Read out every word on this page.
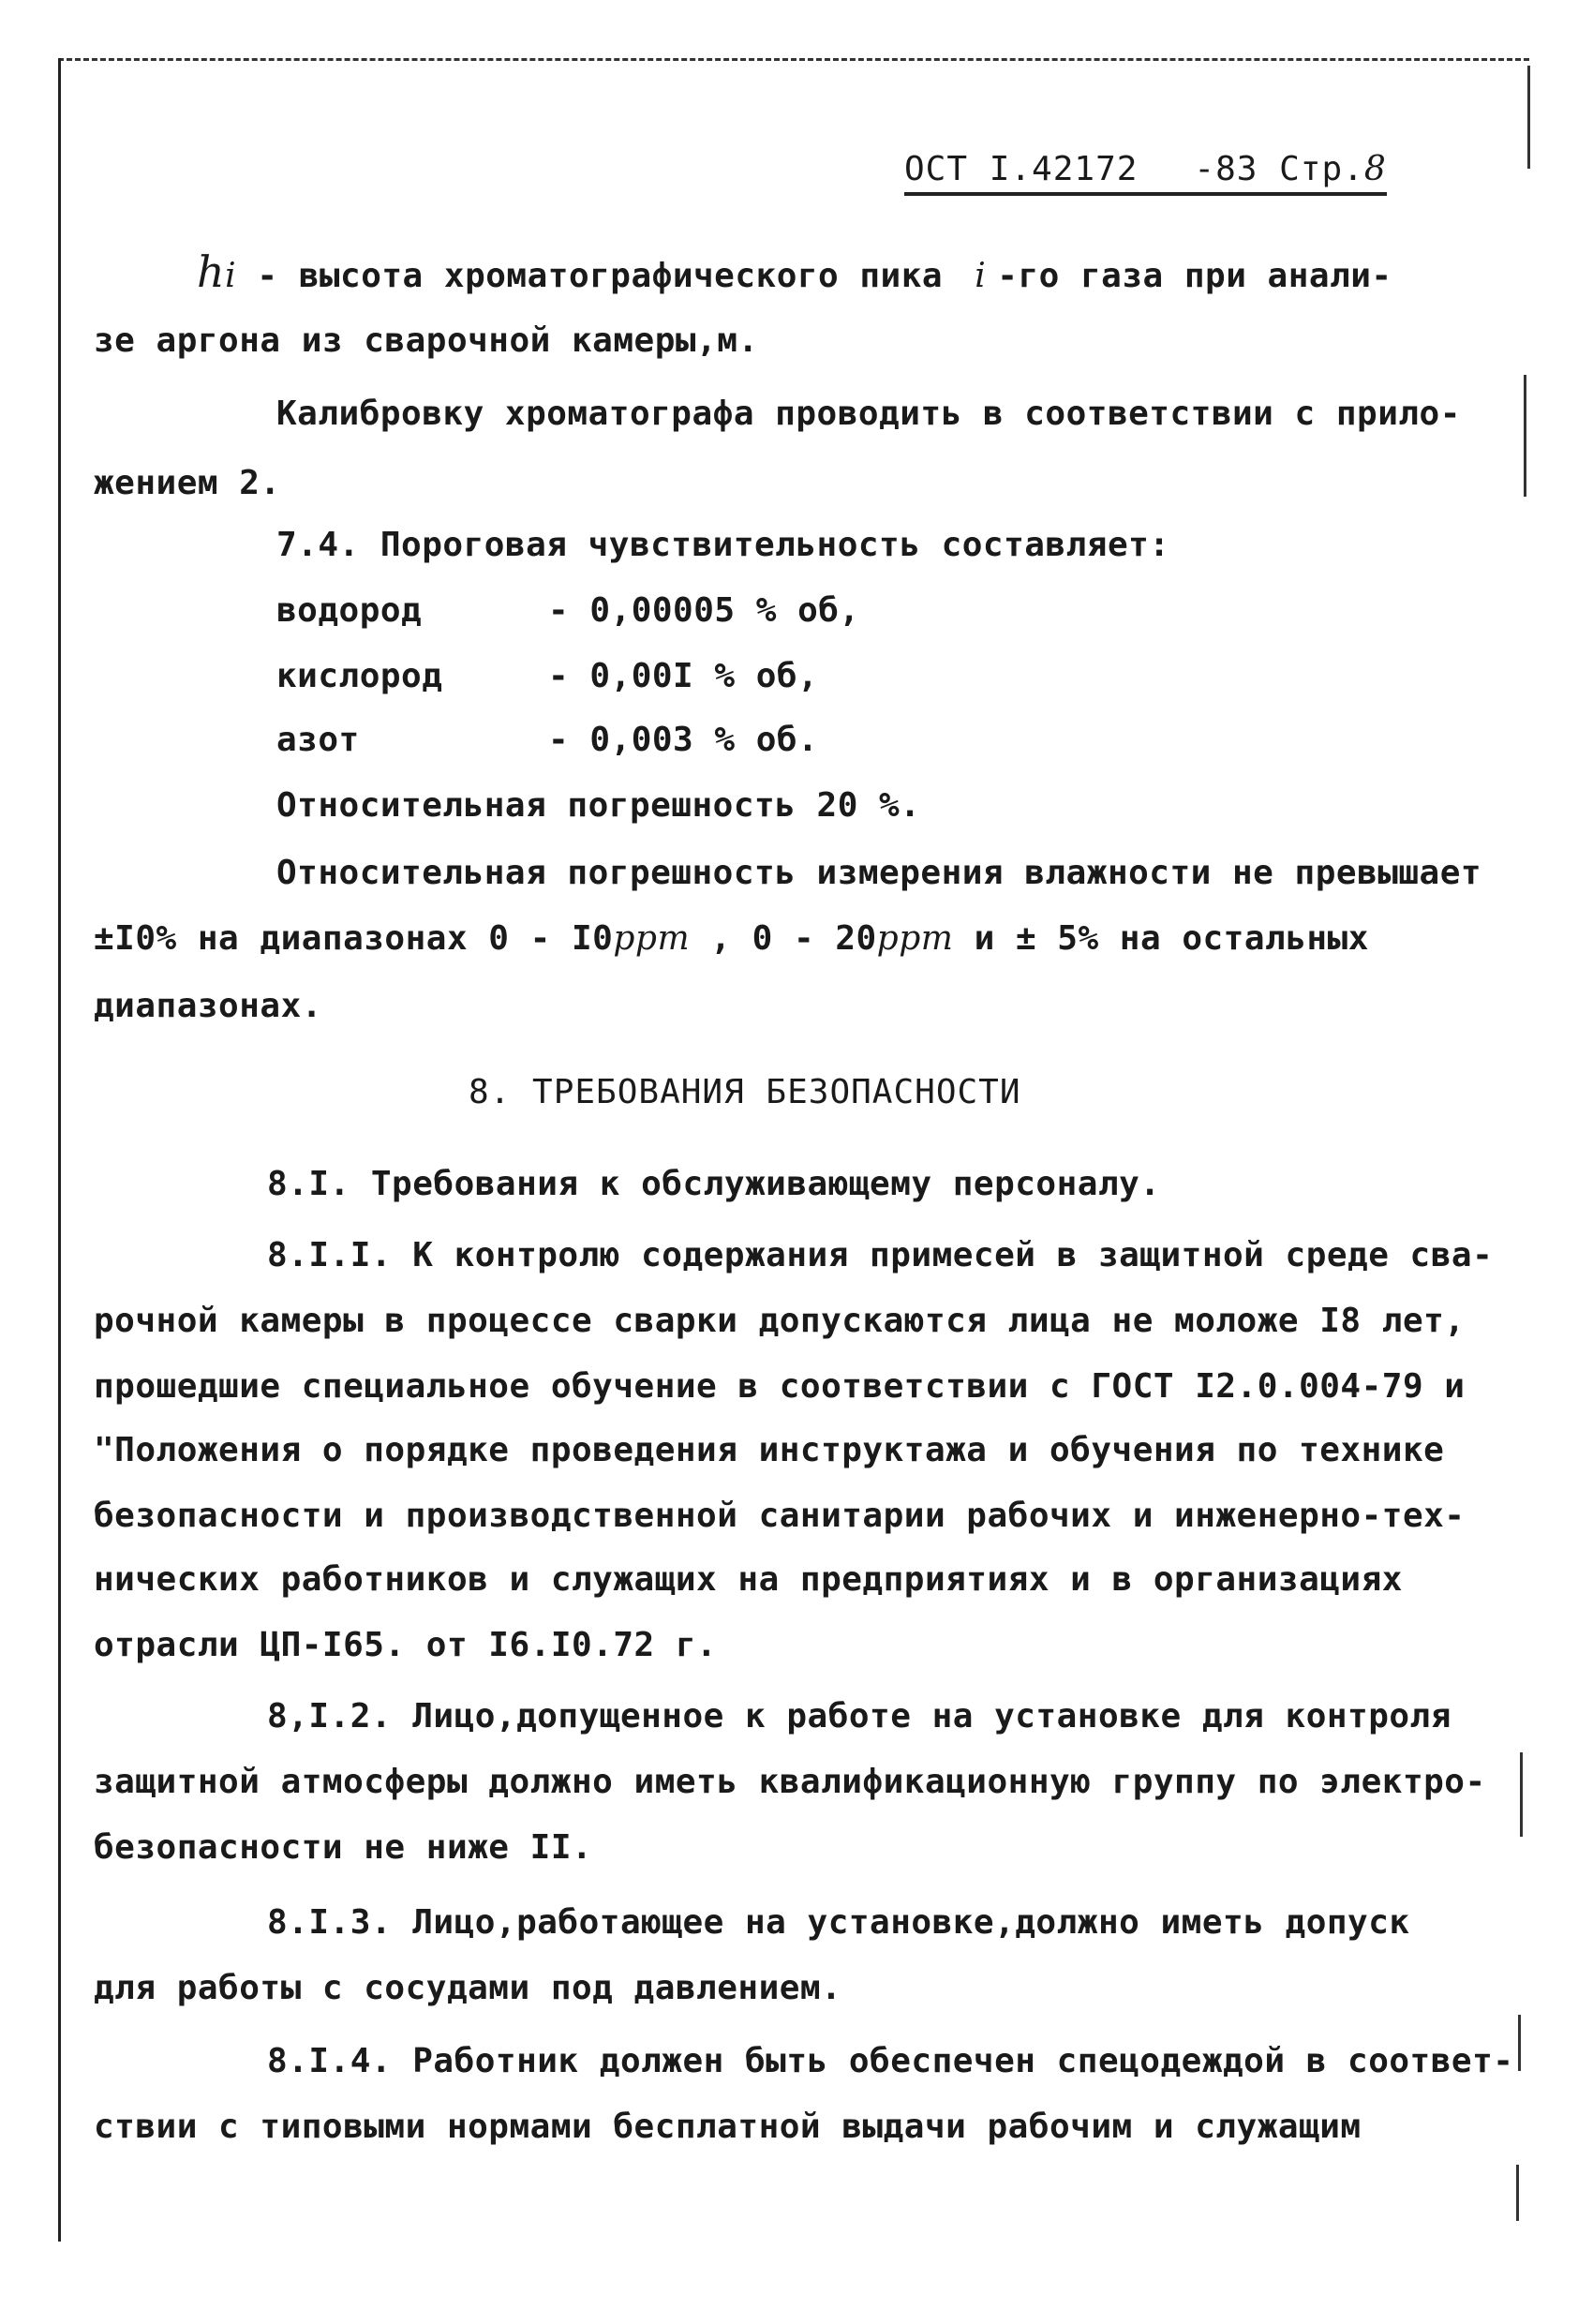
ОСТ I.42172 -83 Стр.8
hi - высота хроматографического пика i -го газа при анали-
зе аргона из сварочной камеры,м.
Калибровку хроматографа проводить в соответствии с прило-
жением 2.
7.4. Пороговая чувствительность составляет:
водород	- 0,00005 % об,
кислород	- 0,00I % об,
азот	- 0,003 % об.
Относительная погрешность 20 %.
Относительная погрешность измерения влажности не превышает
±I0% на диапазонах 0 - I0ppm , 0 - 20ppm и ± 5% на остальных
диапазонах.
8. ТРЕБОВАНИЯ БЕЗОПАСНОСТИ
8.I. Требования к обслуживающему персоналу.
8.I.I. К контролю содержания примесей в защитной среде сва-
рочной камеры в процессе сварки допускаются лица не моложе I8 лет,
прошедшие специальное обучение в соответствии с ГОСТ I2.0.004-79 и
"Положения о порядке проведения инструктажа и обучения по технике
безопасности и производственной санитарии рабочих и инженерно-тех-
нических работников и служащих на предприятиях и в организациях
отрасли ЦП-I65. от I6.I0.72 г.
8,I.2. Лицо,допущенное к работе на установке для контроля
защитной атмосферы должно иметь квалификационную группу по электро-
безопасности не ниже II.
8.I.3. Лицо,работающее на установке,должно иметь допуск
для работы с сосудами под давлением.
8.I.4. Работник должен быть обеспечен спецодеждой в соответ-
ствии с типовыми нормами бесплатной выдачи рабочим и служащим
